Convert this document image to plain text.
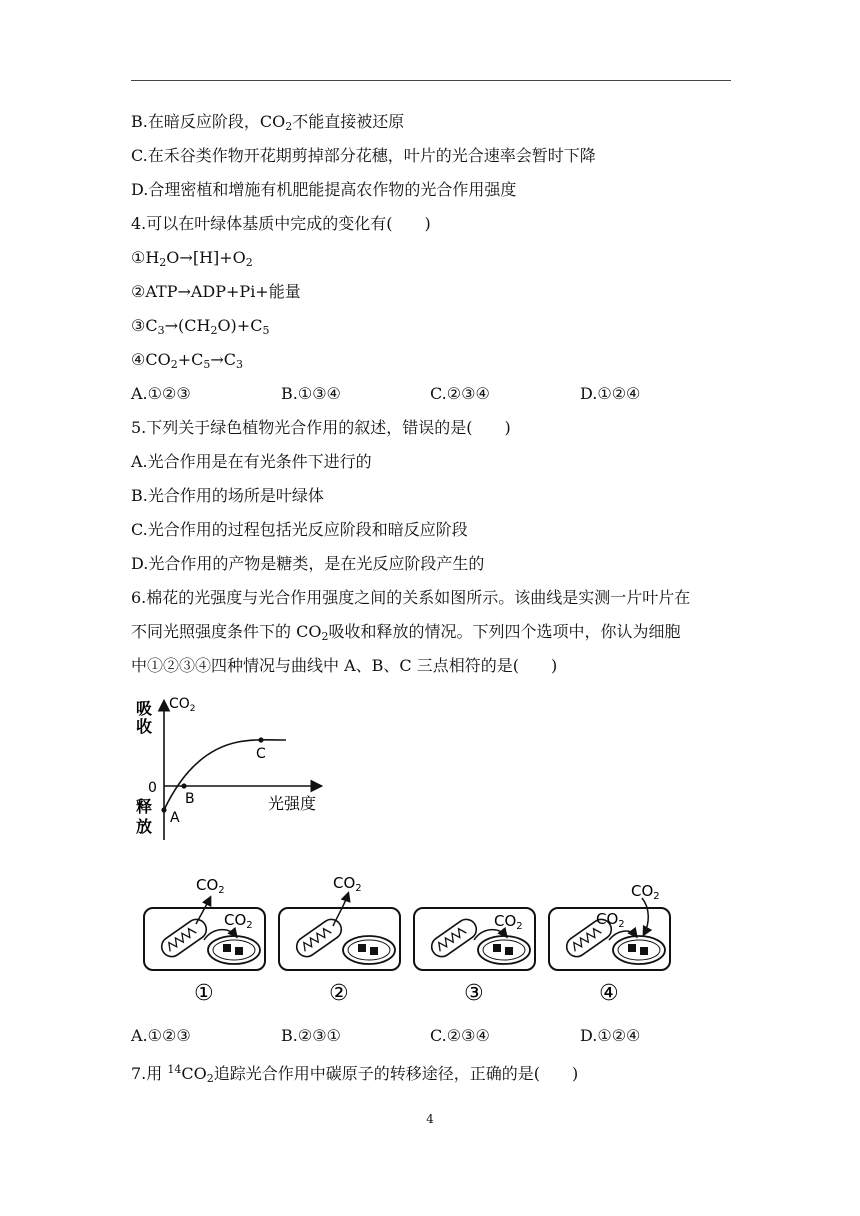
B.在暗反应阶段，$CO_2$不能直接被还原
C.在禾谷类作物开花期剪掉部分花穗，叶片的光合速率会暂时下降
D.合理密植和增施有机肥能提高农作物的光合作用强度
4.可以在叶绿体基质中完成的变化有(　　)
$①H_2O\to[H]+O_2$
②ATP→ADP+Pi+能量
$③C_3\to(CH_2O)+C_5$
$④CO_2+C_5\to C_3$
A.①②③	B.①③④	C.②③④	D.①②④
5.下列关于绿色植物光合作用的叙述，错误的是(　　)
A.光合作用是在有光条件下进行的
B.光合作用的场所是叶绿体
C.光合作用的过程包括光反应阶段和暗反应阶段
D.光合作用的产物是糖类，是在光反应阶段产生的
6.棉花的光强度与光合作用强度之间的关系如图所示。该曲线是实测一片叶片在
不同光照强度条件下的 $CO_2$吸收和释放的情况。下列四个选项中，你认为细胞
中①②③④四种情况与曲线中 A、B、C 三点相符的是(　　)
$CO_2$
吸
收
0
释
放 A
B
C
光强度
$CO_2$
$CO_2$
①
$CO_2$
②
$CO_2$
③
$CO_2$
$CO_2$
④
A.①②③	B.②③①	C.②③④	D.①②④
7.用 $^{14}CO_2$追踪光合作用中碳原子的转移途径，正确的是(　　)
4
